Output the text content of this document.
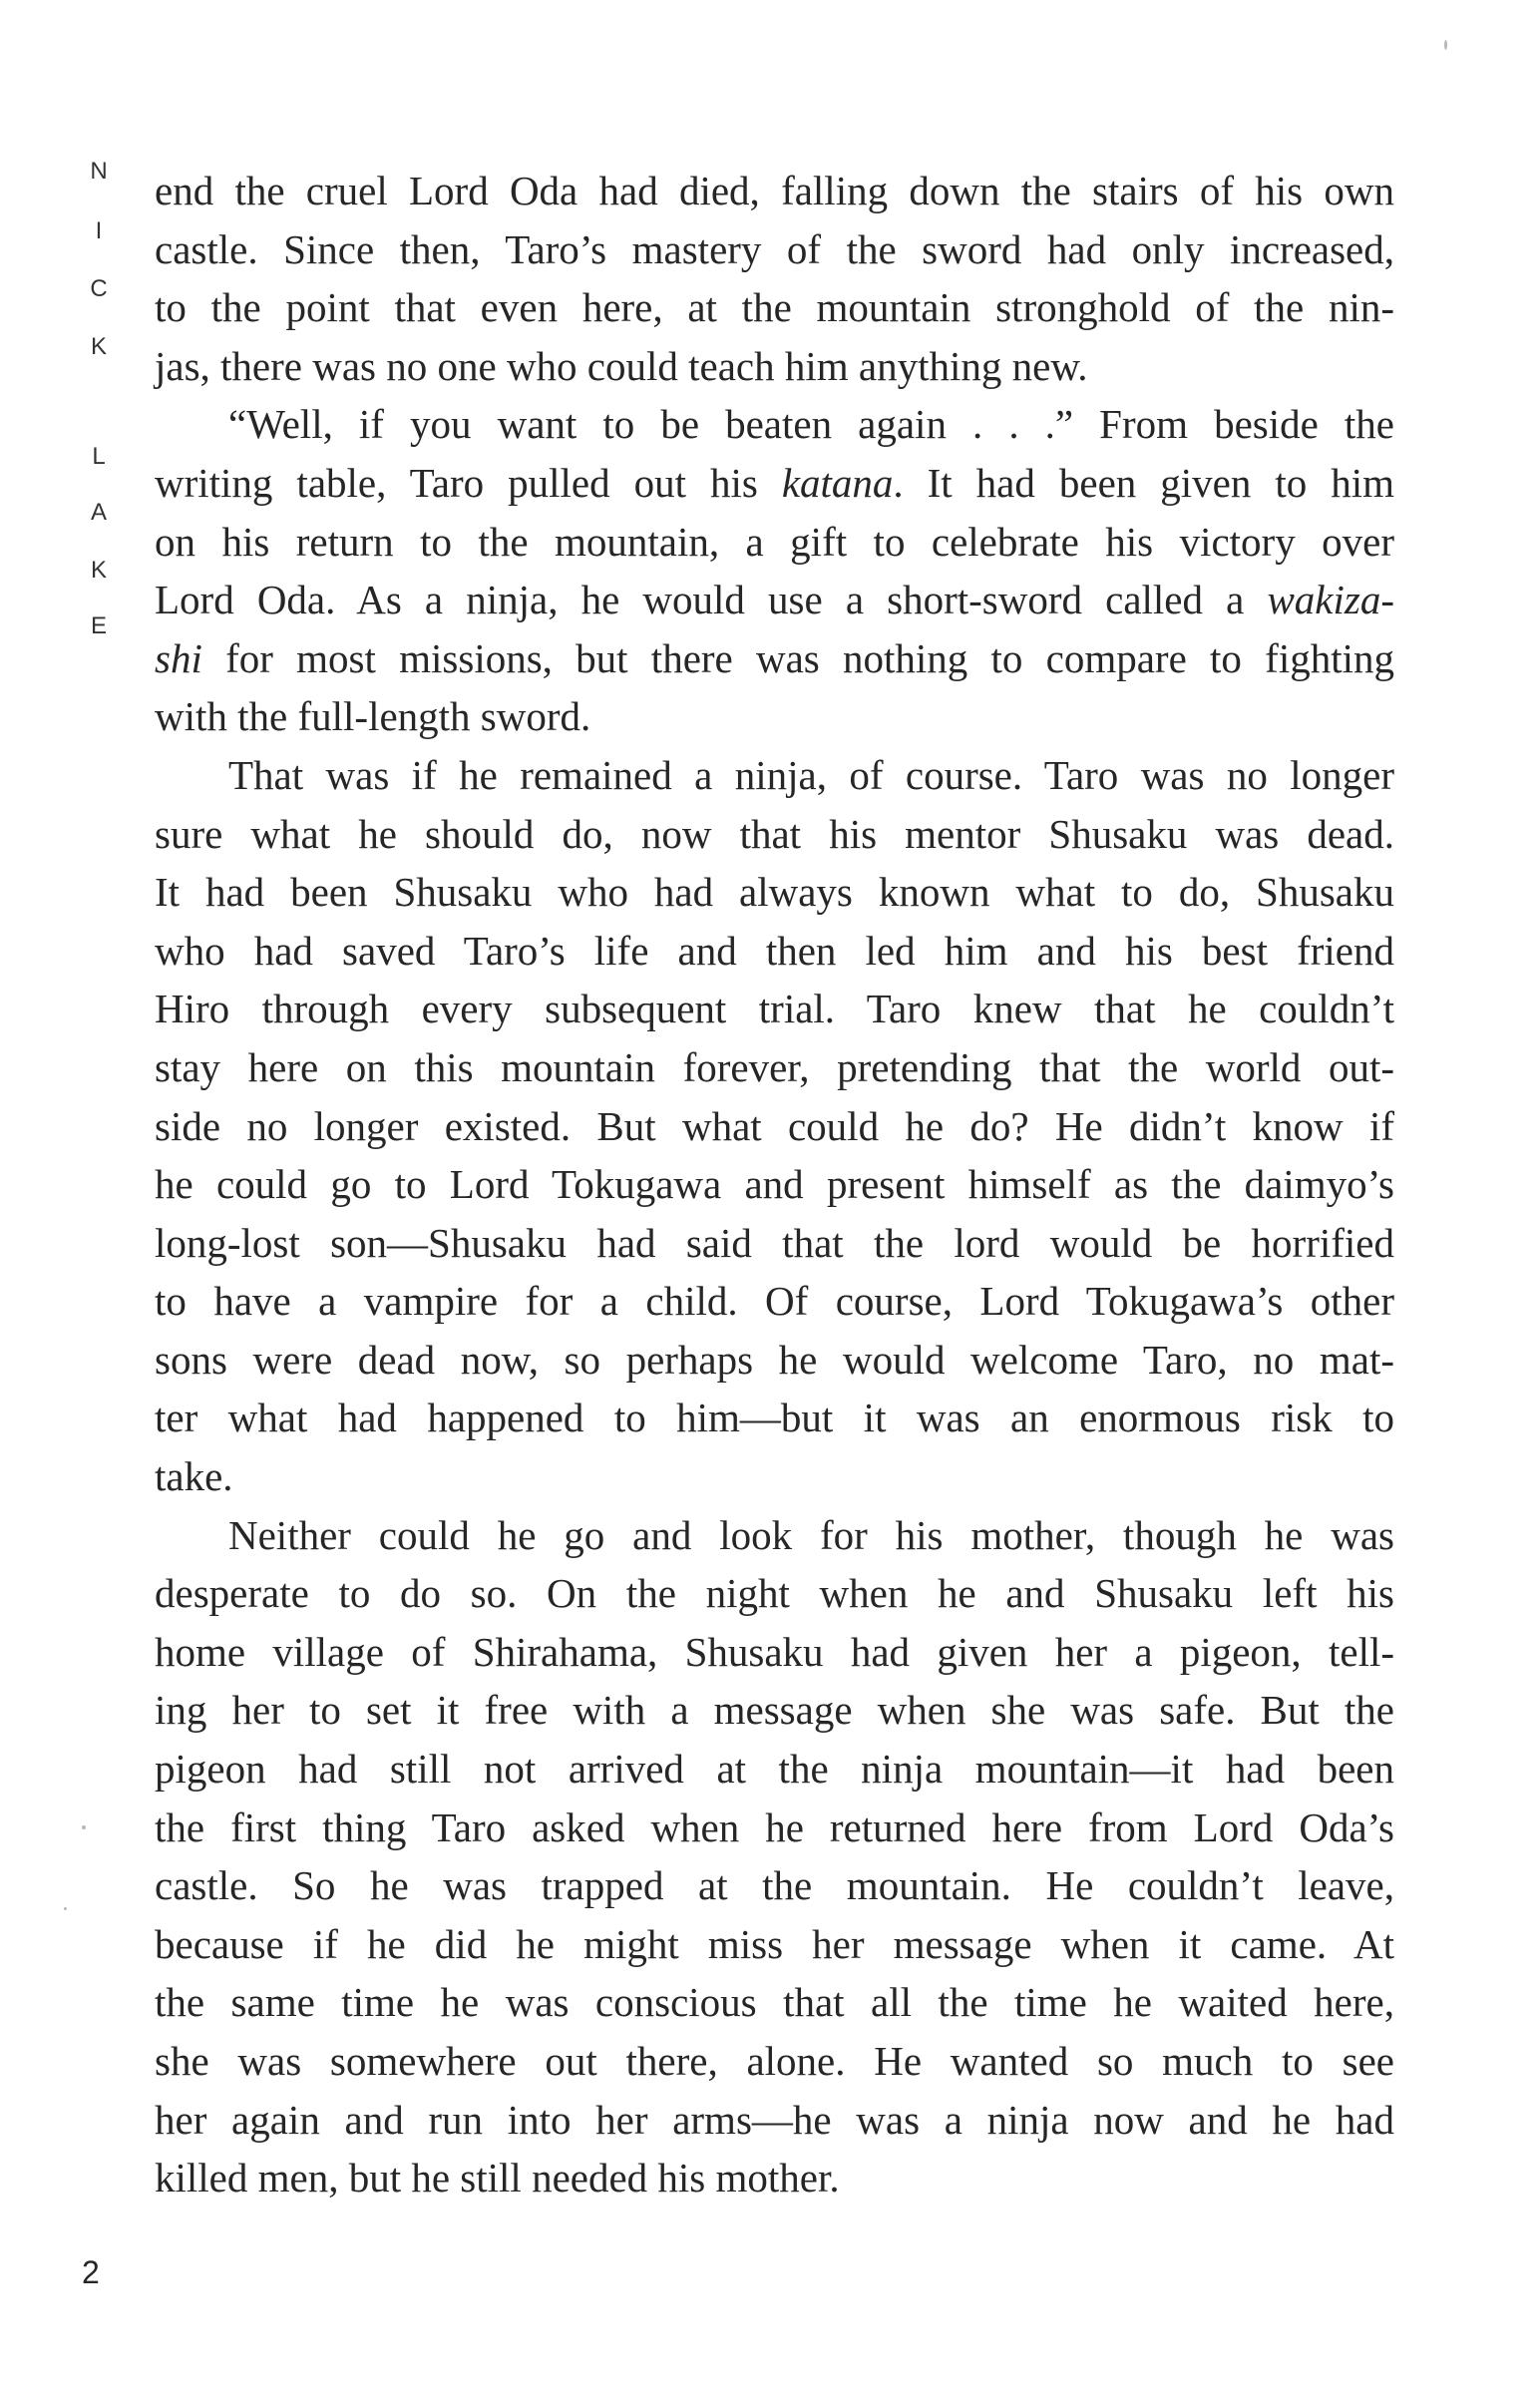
N
I
C
K
L
A
K
E
end the cruel Lord Oda had died, falling down the stairs of his own
castle. Since then, Taro’s mastery of the sword had only increased,
to the point that even here, at the mountain stronghold of the nin-
jas, there was no one who could teach him anything new.
“Well, if you want to be beaten again . . .” From beside the
writing table, Taro pulled out his katana. It had been given to him
on his return to the mountain, a gift to celebrate his victory over
Lord Oda. As a ninja, he would use a short-sword called a wakiza-
shi for most missions, but there was nothing to compare to fighting
with the full-length sword.
That was if he remained a ninja, of course. Taro was no longer
sure what he should do, now that his mentor Shusaku was dead.
It had been Shusaku who had always known what to do, Shusaku
who had saved Taro’s life and then led him and his best friend
Hiro through every subsequent trial. Taro knew that he couldn’t
stay here on this mountain forever, pretending that the world out-
side no longer existed. But what could he do? He didn’t know if
he could go to Lord Tokugawa and present himself as the daimyo’s
long-lost son—Shusaku had said that the lord would be horrified
to have a vampire for a child. Of course, Lord Tokugawa’s other
sons were dead now, so perhaps he would welcome Taro, no mat-
ter what had happened to him—but it was an enormous risk to
take.
Neither could he go and look for his mother, though he was
desperate to do so. On the night when he and Shusaku left his
home village of Shirahama, Shusaku had given her a pigeon, tell-
ing her to set it free with a message when she was safe. But the
pigeon had still not arrived at the ninja mountain—it had been
the first thing Taro asked when he returned here from Lord Oda’s
castle. So he was trapped at the mountain. He couldn’t leave,
because if he did he might miss her message when it came. At
the same time he was conscious that all the time he waited here,
she was somewhere out there, alone. He wanted so much to see
her again and run into her arms—he was a ninja now and he had
killed men, but he still needed his mother.
2
